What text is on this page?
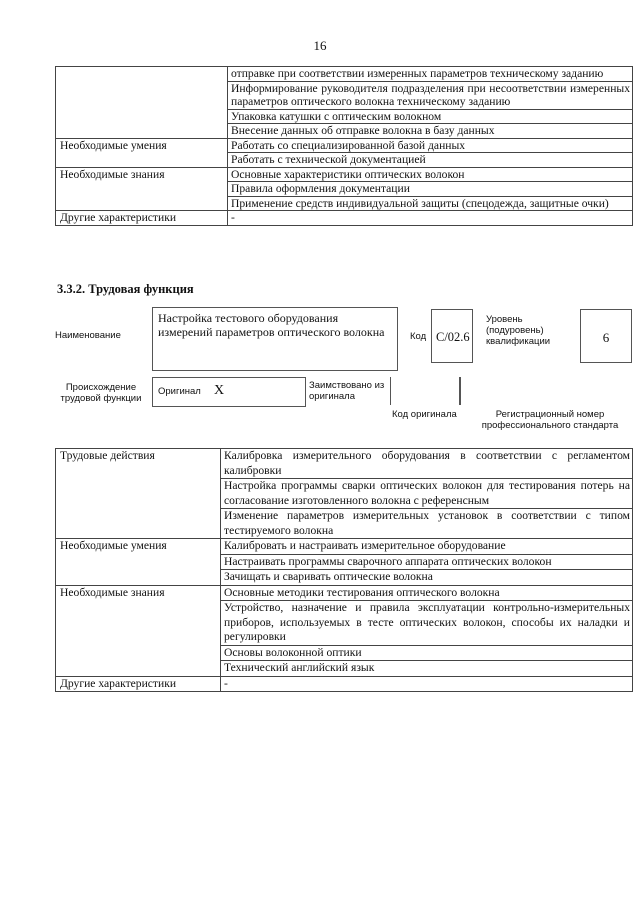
16
	отправке при соответствии измеренных параметров техническому заданию
	Информирование руководителя подразделения при несоответствии измеренных параметров оптического волокна техническому заданию
	Упаковка катушки с оптическим волокном
	Внесение данных об отправке волокна в базу данных
Необходимые умения	Работать со специализированной базой данных
	Работать с технической документацией
Необходимые знания	Основные характеристики оптических волокон
	Правила оформления документации
	Применение средств индивидуальной защиты (спецодежда, защитные очки)
Другие характеристики	-
3.3.2. Трудовая функция
Наименование
Настройка тестового оборудования измерений параметров оптического волокна	Код C/02.6
Уровень (подуровень) квалификации	6
Происхождение трудовой функции
Оригинал X	Заимствовано из оригинала
Код оригинала	Регистрационный номер профессионального стандарта
Трудовые действия	Калибровка измерительного оборудования в соответствии с регламентом калибровки
	Настройка программы сварки оптических волокон для тестирования потерь на согласование изготовленного волокна с референсным
	Изменение параметров измерительных установок в соответствии с типом тестируемого волокна
Необходимые умения	Калибровать и настраивать измерительное оборудование
	Настраивать программы сварочного аппарата оптических волокон
	Зачищать и сваривать оптические волокна
Необходимые знания	Основные методики тестирования оптического волокна
	Устройство, назначение и правила эксплуатации контрольно-измерительных приборов, используемых в тесте оптических волокон, способы их наладки и регулировки
	Основы волоконной оптики
	Технический английский язык
Другие характеристики	-
